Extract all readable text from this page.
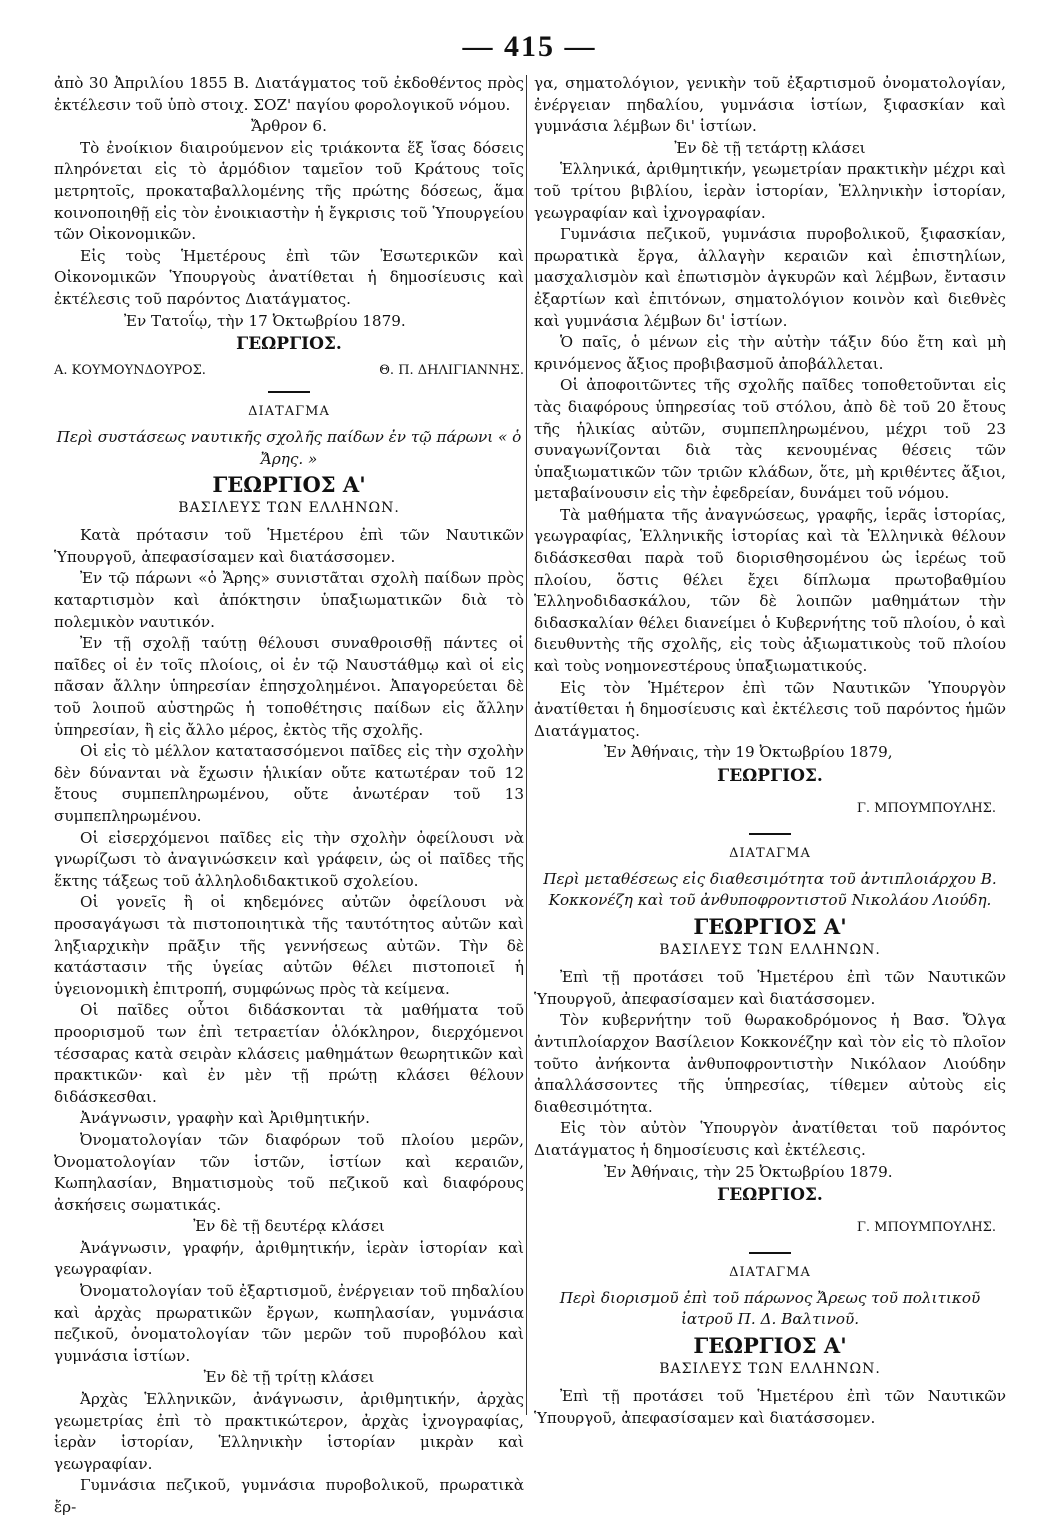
— 415 —

ἀπὸ 30 Ἀπριλίου 1855 Β. Διατάγματος τοῦ ἐκδοθέντος πρὸς ἐκτέλεσιν τοῦ ὑπὸ στοιχ. ΣΟΖ' παγίου φορολογικοῦ νόμου.

Ἄρθρον 6.

Τὸ ἐνοίκιον διαιρούμενον εἰς τριάκοντα ἕξ ἴσας δόσεις πληρόνεται εἰς τὸ ἁρμόδιον ταμεῖον τοῦ Κράτους τοῖς μετρητοῖς, προκαταβαλλομένης τῆς πρώτης δόσεως, ἅμα κοινοποιηθῇ εἰς τὸν ἐνοικιαστὴν ἡ ἔγκρισις τοῦ Ὑπουργείου τῶν Οἰκονομικῶν.

Εἰς τοὺς Ἡμετέρους ἐπὶ τῶν Ἐσωτερικῶν καὶ Οἰκονομικῶν Ὑπουργοὺς ἀνατίθεται ἡ δημοσίευσις καὶ ἐκτέλεσις τοῦ παρόντος Διατάγματος.

Ἐν Τατοΐῳ, τὴν 17 Ὀκτωβρίου 1879.

ΓΕΩΡΓΙΟΣ.
Α. ΚΟΥΜΟΥΝΔΟΥΡΟΣ.	Θ. Π. ΔΗΛΙΓΙΑΝΝΗΣ.
ΔΙΑΤΑΓΜΑ

Περὶ συστάσεως ναυτικῆς σχολῆς παίδων ἐν τῷ πάρωνι « ὁ Ἄρης. »

ΓΕΩΡΓΙΟΣ Α'
ΒΑΣΙΛΕΥΣ ΤΩΝ ΕΛΛΗΝΩΝ.

Κατὰ πρότασιν τοῦ Ἡμετέρου ἐπὶ τῶν Ναυτικῶν Ὑπουργοῦ, ἀπεφασίσαμεν καὶ διατάσσομεν.

Ἐν τῷ πάρωνι «ὁ Ἄρης» συνιστᾶται σχολὴ παίδων πρὸς καταρτισμὸν καὶ ἀπόκτησιν ὑπαξιωματικῶν διὰ τὸ πολεμικὸν ναυτικόν.

Ἐν τῇ σχολῇ ταύτῃ θέλουσι συναθροισθῇ πάντες οἱ παῖδες οἱ ἐν τοῖς πλοίοις, οἱ ἐν τῷ Ναυστάθμῳ καὶ οἱ εἰς πᾶσαν ἄλλην ὑπηρεσίαν ἐπησχολημένοι. Ἀπαγορεύεται δὲ τοῦ λοιποῦ αὐστηρῶς ἡ τοποθέτησις παίδων εἰς ἄλλην ὑπηρεσίαν, ἢ εἰς ἄλλο μέρος, ἐκτὸς τῆς σχολῆς.

Οἱ εἰς τὸ μέλλον κατατασσόμενοι παῖδες εἰς τὴν σχολὴν δὲν δύνανται νὰ ἔχωσιν ἡλικίαν οὔτε κατωτέραν τοῦ 12 ἔτους συμπεπληρωμένου, οὔτε ἀνωτέραν τοῦ 13 συμπεπληρωμένου.

Οἱ εἰσερχόμενοι παῖδες εἰς τὴν σχολὴν ὀφείλουσι νὰ γνωρίζωσι τὸ ἀναγινώσκειν καὶ γράφειν, ὡς οἱ παῖδες τῆς ἕκτης τάξεως τοῦ ἀλληλοδιδακτικοῦ σχολείου.

Οἱ γονεῖς ἢ οἱ κηδεμόνες αὐτῶν ὀφείλουσι νὰ προσαγάγωσι τὰ πιστοποιητικὰ τῆς ταυτότητος αὐτῶν καὶ ληξιαρχικὴν πρᾶξιν τῆς γεννήσεως αὐτῶν. Τὴν δὲ κατάστασιν τῆς ὑγείας αὐτῶν θέλει πιστοποιεῖ ἡ ὑγειονομικὴ ἐπιτροπή, συμφώνως πρὸς τὰ κείμενα.

Οἱ παῖδες οὗτοι διδάσκονται τὰ μαθήματα τοῦ προορισμοῦ των ἐπὶ τετραετίαν ὁλόκληρον, διερχόμενοι τέσσαρας κατὰ σειρὰν κλάσεις μαθημάτων θεωρητικῶν καὶ πρακτικῶν· καὶ ἐν μὲν τῇ πρώτῃ κλάσει θέλουν διδάσκεσθαι.

Ἀνάγνωσιν, γραφὴν καὶ Ἀριθμητικήν.

Ὀνοματολογίαν τῶν διαφόρων τοῦ πλοίου μερῶν, Ὀνοματολογίαν τῶν ἱστῶν, ἱστίων καὶ κεραιῶν, Κωπηλασίαν, Βηματισμοὺς τοῦ πεζικοῦ καὶ διαφόρους ἀσκήσεις σωματικάς.

Ἐν δὲ τῇ δευτέρᾳ κλάσει

Ἀνάγνωσιν, γραφήν, ἀριθμητικήν, ἱερὰν ἱστορίαν καὶ γεωγραφίαν.

Ὀνοματολογίαν τοῦ ἐξαρτισμοῦ, ἐνέργειαν τοῦ πηδαλίου καὶ ἀρχὰς πρωρατικῶν ἔργων, κωπηλασίαν, γυμνάσια πεζικοῦ, ὀνοματολογίαν τῶν μερῶν τοῦ πυροβόλου καὶ γυμνάσια ἱστίων.

Ἐν δὲ τῇ τρίτῃ κλάσει

Ἀρχὰς Ἑλληνικῶν, ἀνάγνωσιν, ἀριθμητικήν, ἀρχὰς γεωμετρίας ἐπὶ τὸ πρακτικώτερον, ἀρχὰς ἰχνογραφίας, ἱερὰν ἱστορίαν, Ἑλληνικὴν ἱστορίαν μικρὰν καὶ γεωγραφίαν.

Γυμνάσια πεζικοῦ, γυμνάσια πυροβολικοῦ, πρωρατικὰ ἔρ-

γα, σηματολόγιον, γενικὴν τοῦ ἐξαρτισμοῦ ὀνοματολογίαν, ἐνέργειαν πηδαλίου, γυμνάσια ἱστίων, ξιφασκίαν καὶ γυμνάσια λέμβων δι' ἱστίων.

Ἐν δὲ τῇ τετάρτῃ κλάσει

Ἑλληνικά, ἀριθμητικήν, γεωμετρίαν πρακτικὴν μέχρι καὶ τοῦ τρίτου βιβλίου, ἱερὰν ἱστορίαν, Ἑλληνικὴν ἱστορίαν, γεωγραφίαν καὶ ἰχνογραφίαν.

Γυμνάσια πεζικοῦ, γυμνάσια πυροβολικοῦ, ξιφασκίαν, πρωρατικὰ ἔργα, ἀλλαγὴν κεραιῶν καὶ ἐπιστηλίων, μασχαλισμὸν καὶ ἐπωτισμὸν ἀγκυρῶν καὶ λέμβων, ἔντασιν ἐξαρτίων καὶ ἐπιτόνων, σηματολόγιον κοινὸν καὶ διεθνὲς καὶ γυμνάσια λέμβων δι' ἱστίων.

Ὁ παῖς, ὁ μένων εἰς τὴν αὐτὴν τάξιν δύο ἔτη καὶ μὴ κρινόμενος ἄξιος προβιβασμοῦ ἀποβάλλεται.

Οἱ ἀποφοιτῶντες τῆς σχολῆς παῖδες τοποθετοῦνται εἰς τὰς διαφόρους ὑπηρεσίας τοῦ στόλου, ἀπὸ δὲ τοῦ 20 ἔτους τῆς ἡλικίας αὐτῶν, συμπεπληρωμένου, μέχρι τοῦ 23 συναγωνίζονται διὰ τὰς κενουμένας θέσεις τῶν ὑπαξιωματικῶν τῶν τριῶν κλάδων, ὅτε, μὴ κριθέντες ἄξιοι, μεταβαίνουσιν εἰς τὴν ἐφεδρείαν, δυνάμει τοῦ νόμου.

Τὰ μαθήματα τῆς ἀναγνώσεως, γραφῆς, ἱερᾶς ἱστορίας, γεωγραφίας, Ἑλληνικῆς ἱστορίας καὶ τὰ Ἑλληνικὰ θέλουν διδάσκεσθαι παρὰ τοῦ διορισθησομένου ὡς ἱερέως τοῦ πλοίου, ὅστις θέλει ἔχει δίπλωμα πρωτοβαθμίου Ἑλληνοδιδασκάλου, τῶν δὲ λοιπῶν μαθημάτων τὴν διδασκαλίαν θέλει διανείμει ὁ Κυβερνήτης τοῦ πλοίου, ὁ καὶ διευθυντὴς τῆς σχολῆς, εἰς τοὺς ἀξιωματικοὺς τοῦ πλοίου καὶ τοὺς νοημονεστέρους ὑπαξιωματικούς.

Εἰς τὸν Ἡμέτερον ἐπὶ τῶν Ναυτικῶν Ὑπουργὸν ἀνατίθεται ἡ δημοσίευσις καὶ ἐκτέλεσις τοῦ παρόντος ἡμῶν Διατάγματος.

Ἐν Ἀθήναις, τὴν 19 Ὀκτωβρίου 1879,

ΓΕΩΡΓΙΟΣ.
Γ. ΜΠΟΥΜΠΟΥΛΗΣ.
ΔΙΑΤΑΓΜΑ

Περὶ μεταθέσεως εἰς διαθεσιμότητα τοῦ ἀντιπλοιάρχου Β. Κοκκονέζη καὶ τοῦ ἀνθυποφροντιστοῦ Νικολάου Λιούδη.

ΓΕΩΡΓΙΟΣ Α'
ΒΑΣΙΛΕΥΣ ΤΩΝ ΕΛΛΗΝΩΝ.

Ἐπὶ τῇ προτάσει τοῦ Ἡμετέρου ἐπὶ τῶν Ναυτικῶν Ὑπουργοῦ, ἀπεφασίσαμεν καὶ διατάσσομεν.

Τὸν κυβερνήτην τοῦ θωρακοδρόμονος ἡ Βασ. Ὄλγα ἀντιπλοίαρχον Βασίλειον Κοκκονέζην καὶ τὸν εἰς τὸ πλοῖον τοῦτο ἀνήκοντα ἀνθυποφροντιστὴν Νικόλαον Λιούδην ἀπαλλάσσοντες τῆς ὑπηρεσίας, τίθεμεν αὐτοὺς εἰς διαθεσιμότητα.

Εἰς τὸν αὐτὸν Ὑπουργὸν ἀνατίθεται τοῦ παρόντος Διατάγματος ἡ δημοσίευσις καὶ ἐκτέλεσις.

Ἐν Ἀθήναις, τὴν 25 Ὀκτωβρίου 1879.

ΓΕΩΡΓΙΟΣ.
Γ. ΜΠΟΥΜΠΟΥΛΗΣ.
ΔΙΑΤΑΓΜΑ

Περὶ διορισμοῦ ἐπὶ τοῦ πάρωνος Ἄρεως τοῦ πολιτικοῦ ἰατροῦ Π. Δ. Βαλτινοῦ.

ΓΕΩΡΓΙΟΣ Α'
ΒΑΣΙΛΕΥΣ ΤΩΝ ΕΛΛΗΝΩΝ.

Ἐπὶ τῇ προτάσει τοῦ Ἡμετέρου ἐπὶ τῶν Ναυτικῶν Ὑπουργοῦ, ἀπεφασίσαμεν καὶ διατάσσομεν.
